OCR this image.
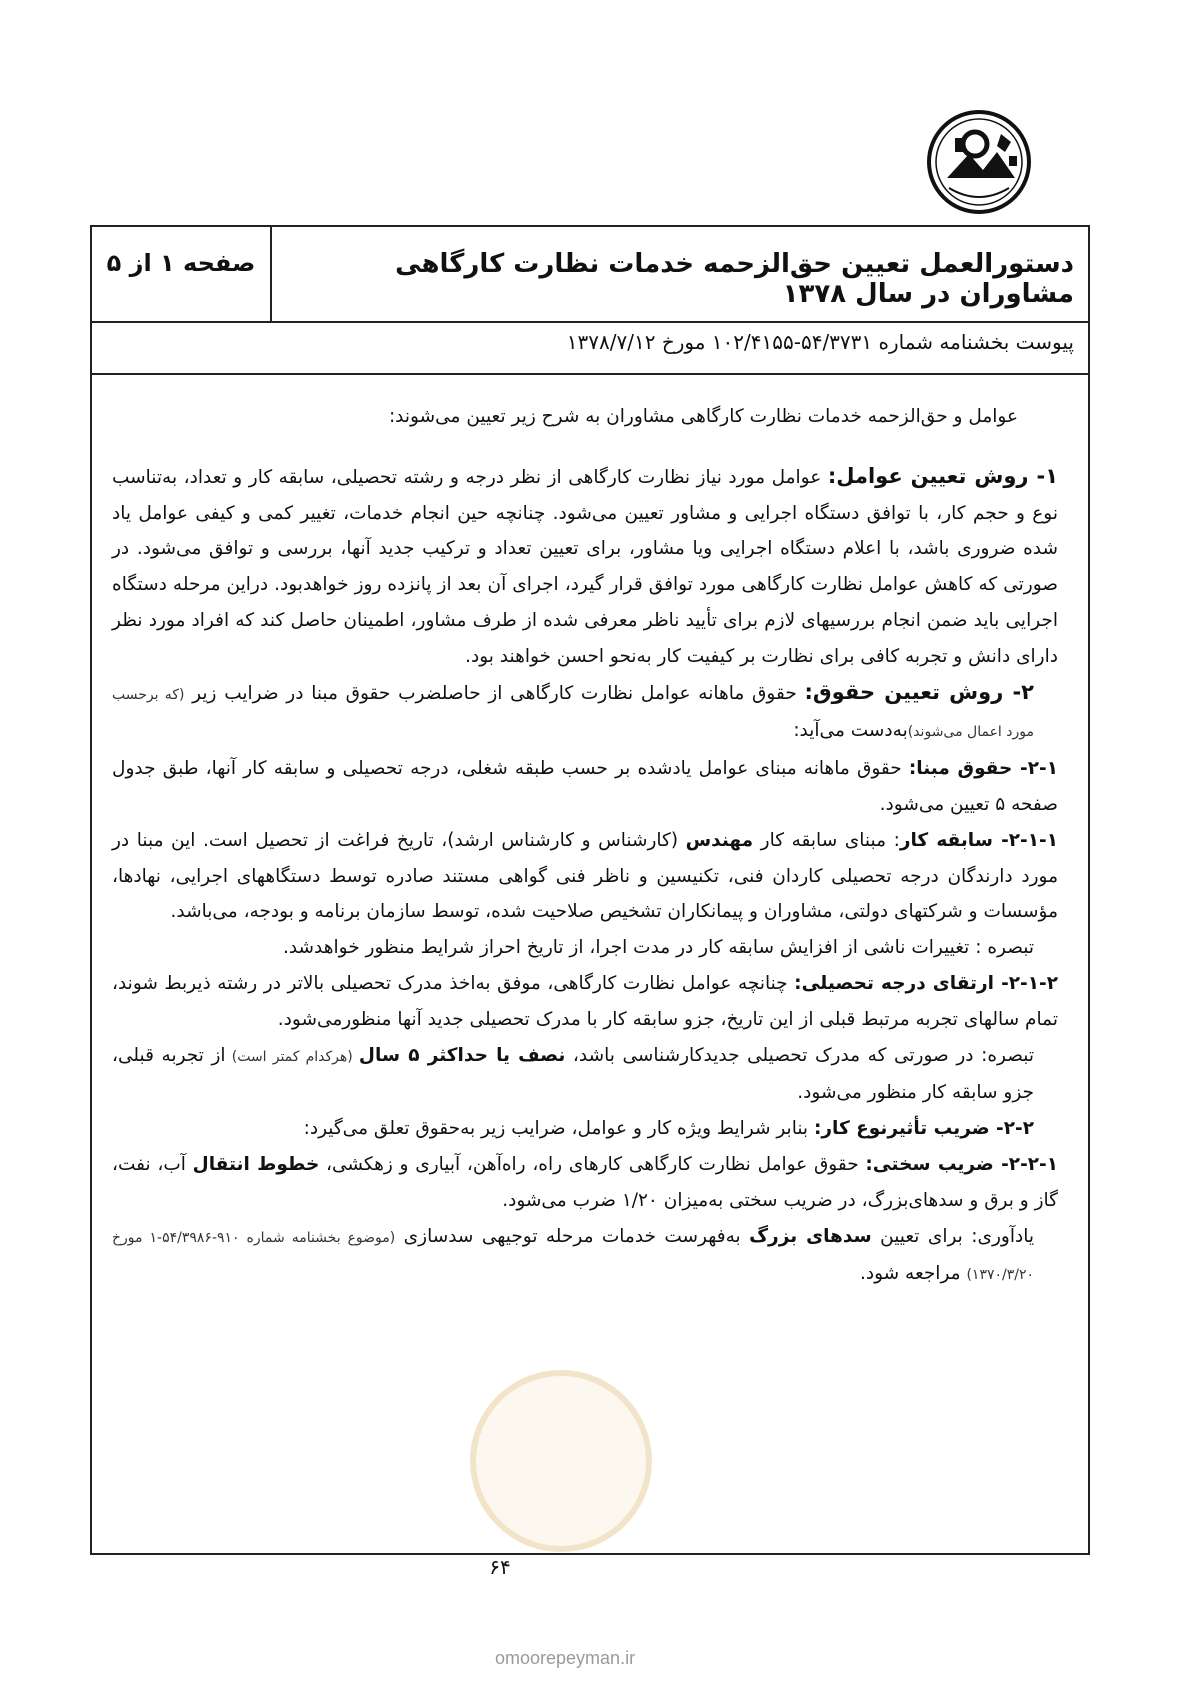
دستورالعمل تعیین حق‌الزحمه خدمات نظارت کارگاهی مشاوران در سال ۱۳۷۸
صفحه ۱ از ۵
پیوست بخشنامه شماره ۵۴/۳۷۳۱-۱۰۲/۴۱۵۵ مورخ ۱۳۷۸/۷/۱۲

عوامل و حق‌الزحمه خدمات نظارت کارگاهی مشاوران به شرح زیر تعیین می‌شوند:

۱- روش تعیین عوامل: عوامل مورد نیاز نظارت کارگاهی از نظر درجه و رشته تحصیلی، سابقه کار و تعداد، به‌تناسب نوع و حجم کار، با توافق دستگاه اجرایی و مشاور تعیین می‌شود. چنانچه حین انجام خدمات، تغییر کمی و کیفی عوامل یاد شده ضروری باشد، با اعلام دستگاه اجرایی ویا مشاور، برای تعیین تعداد و ترکیب جدید آنها، بررسی و توافق می‌شود. در صورتی که کاهش عوامل نظارت کارگاهی مورد توافق قرار گیرد، اجرای آن بعد از پانزده روز خواهدبود. دراین مرحله دستگاه اجرایی باید ضمن انجام بررسیهای لازم برای تأیید ناظر معرفی شده از طرف مشاور، اطمینان حاصل کند که افراد مورد نظر دارای دانش و تجربه کافی برای نظارت بر کیفیت کار به‌نحو احسن خواهند بود.

۲- روش تعیین حقوق: حقوق ماهانه عوامل نظارت کارگاهی از حاصلضرب حقوق مبنا در ضرایب زیر (که برحسب مورد اعمال می‌شوند)به‌دست می‌آید:

۲-۱- حقوق مبنا: حقوق ماهانه مبنای عوامل یادشده بر حسب طبقه شغلی، درجه تحصیلی و سابقه کار آنها، طبق جدول صفحه ۵ تعیین می‌شود.

۲-۱-۱- سابقه کار: مبنای سابقه کار مهندس (کارشناس و کارشناس ارشد)، تاریخ فراغت از تحصیل است. این مبنا در مورد دارندگان درجه تحصیلی کاردان فنی، تکنیسین و ناظر فنی گواهی مستند صادره توسط دستگاههای اجرایی، نهادها، مؤسسات و شرکتهای دولتی، مشاوران و پیمانکاران تشخیص صلاحیت شده، توسط سازمان برنامه و بودجه، می‌باشد.

تبصره : تغییرات ناشی از افزایش سابقه کار در مدت اجرا، از تاریخ احراز شرایط منظور خواهدشد.

۲-۱-۲- ارتقای درجه تحصیلی: چنانچه عوامل نظارت کارگاهی، موفق به‌اخذ مدرک تحصیلی بالاتر در رشته ذیربط شوند، تمام سالهای تجربه مرتبط قبلی از این تاریخ، جزو سابقه کار با مدرک تحصیلی جدید آنها منظورمی‌شود.

تبصره: در صورتی که مدرک تحصیلی جدیدکارشناسی باشد، نصف یا حداکثر ۵ سال (هرکدام کمتر است) از تجربه قبلی، جزو سابقه کار منظور می‌شود.

۲-۲- ضریب تأثیرنوع کار: بنابر شرایط ویژه کار و عوامل، ضرایب زیر به‌حقوق تعلق می‌گیرد:

۲-۲-۱- ضریب سختی: حقوق عوامل نظارت کارگاهی کارهای راه، راه‌آهن، آبیاری و زهکشی، خطوط انتقال آب، نفت، گاز و برق و سدهای‌بزرگ، در ضریب سختی به‌میزان ۱/۲۰ ضرب می‌شود.

یادآوری: برای تعیین سدهای بزرگ به‌فهرست خدمات مرحله توجیهی سدسازی (موضوع بخشنامه شماره ۹۱۰-۵۴/۳۹۸۶-۱ مورخ ۱۳۷۰/۳/۲۰) مراجعه شود.

۶۴
omoorepeyman.ir
